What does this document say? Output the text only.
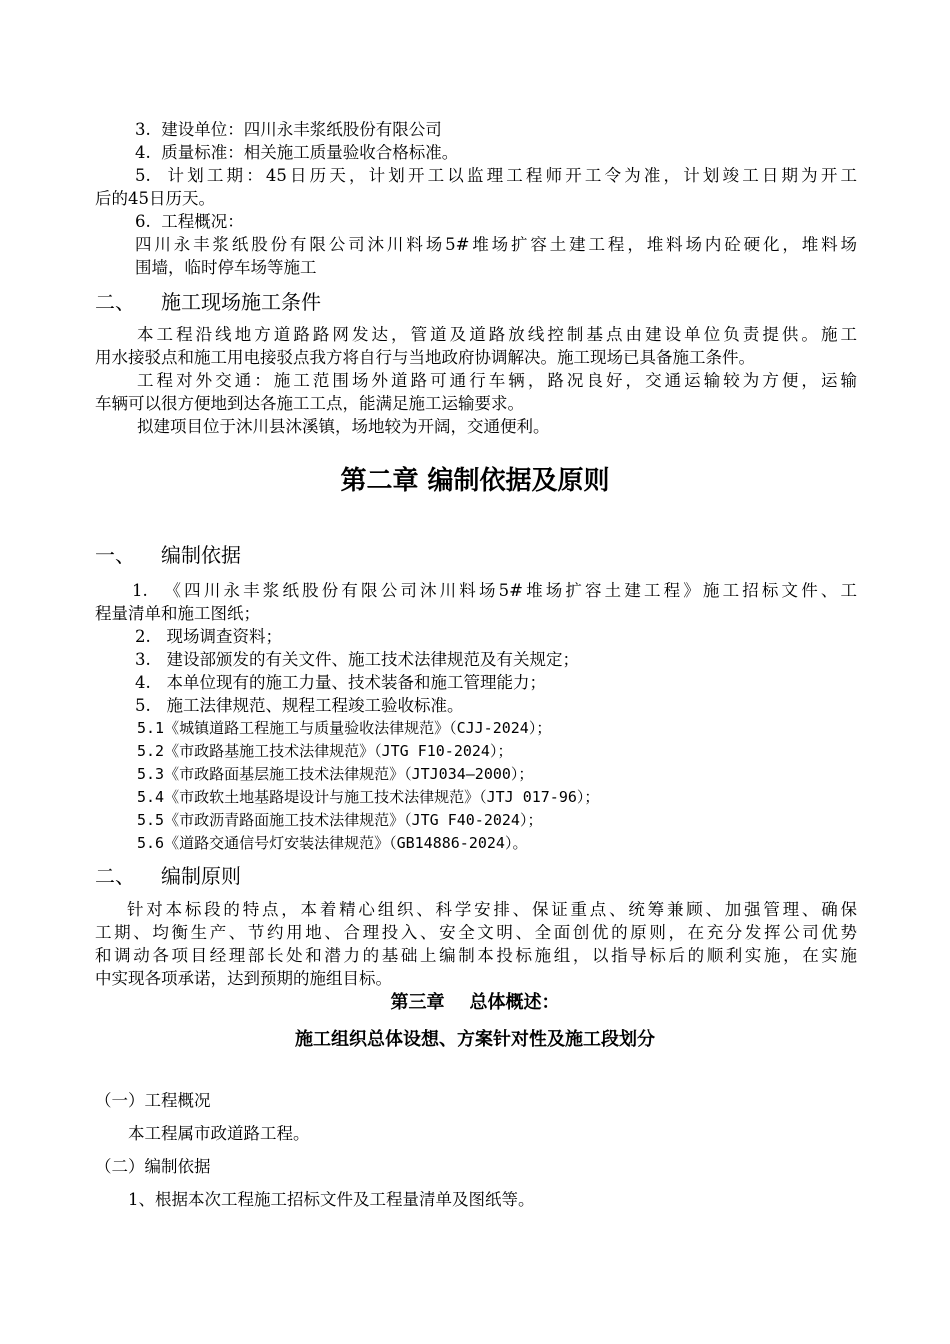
3.  建设单位：四川永丰浆纸股份有限公司
4.  质量标准：相关施工质量验收合格标准。
5.  计划工期：45日历天，计划开工以监理工程师开工令为准，计划竣工日期为开工
后的45日历天。
6.  工程概况：
四川永丰浆纸股份有限公司沐川料场5#堆场扩容土建工程，堆料场内砼硬化，堆料场
围墙，临时停车场等施工
二、 施工现场施工条件
本工程沿线地方道路路网发达，管道及道路放线控制基点由建设单位负责提供。施工
用水接驳点和施工用电接驳点我方将自行与当地政府协调解决。施工现场已具备施工条件。
工程对外交通：施工范围场外道路可通行车辆，路况良好，交通运输较为方便，运输
车辆可以很方便地到达各施工工点，能满足施工运输要求。
拟建项目位于沐川县沐溪镇，场地较为开阔，交通便利。
第二章 编制依据及原则
一、 编制依据
1.  《四川永丰浆纸股份有限公司沐川料场5#堆场扩容土建工程》施工招标文件、工
程量清单和施工图纸；
2.   现场调查资料；
3.   建设部颁发的有关文件、施工技术法律规范及有关规定；
4.   本单位现有的施工力量、技术装备和施工管理能力；
5.   施工法律规范、规程工程竣工验收标准。
5.1《城镇道路工程施工与质量验收法律规范》（CJJ-2024）；
5.2《市政路基施工技术法律规范》（JTG F10-2024）；
5.3《市政路面基层施工技术法律规范》（JTJ034—2000）；
5.4《市政软土地基路堤设计与施工技术法律规范》（JTJ 017-96）；
5.5《市政沥青路面施工技术法律规范》（JTG F40-2024）；
5.6《道路交通信号灯安装法律规范》（GB14886-2024）。
二、 编制原则
针对本标段的特点，本着精心组织、科学安排、保证重点、统筹兼顾、加强管理、确保
工期、均衡生产、节约用地、合理投入、安全文明、全面创优的原则，在充分发挥公司优势
和调动各项目经理部长处和潜力的基础上编制本投标施组，以指导标后的顺利实施，在实施
中实现各项承诺，达到预期的施组目标。
第三章    总体概述：
施工组织总体设想、方案针对性及施工段划分
（一）工程概况
本工程属市政道路工程。
（二）编制依据
1、根据本次工程施工招标文件及工程量清单及图纸等。
